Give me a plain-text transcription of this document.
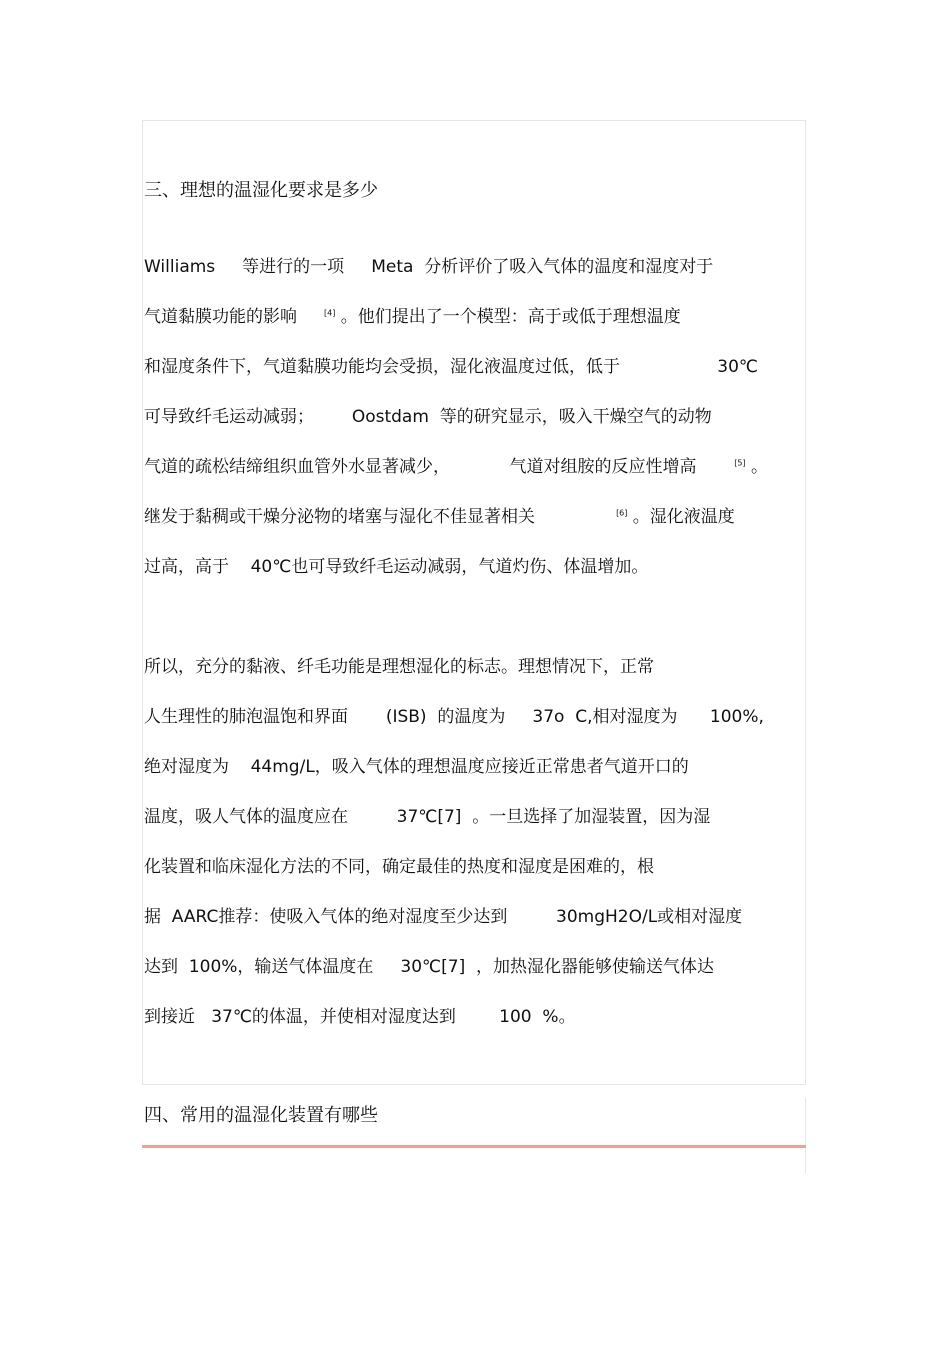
三、理想的温湿化要求是多少
Williams     等进行的一项     Meta  分析评价了吸入气体的温度和湿度对于
气道黏膜功能的影响     [4] 。他们提出了一个模型：高于或低于理想温度
和湿度条件下，气道黏膜功能均会受损，湿化液温度过低，低于                  30℃
可导致纤毛运动减弱；       Oostdam  等的研究显示，吸入干燥空气的动物
气道的疏松结缔组织血管外水显著减少，           气道对组胺的反应性增高       [5] 。
继发于黏稠或干燥分泌物的堵塞与湿化不佳显著相关               [6] 。湿化液温度
过高，高于    40℃也可导致纤毛运动减弱，气道灼伤、体温增加。
所以，充分的黏液、纤毛功能是理想湿化的标志。理想情况下，正常
人生理性的肺泡温饱和界面       (ISB)  的温度为     37o  C,相对湿度为      100%,
绝对湿度为    44mg/L，吸入气体的理想温度应接近正常患者气道开口的
温度，吸人气体的温度应在         37℃[7]  。一旦选择了加湿装置，因为湿
化装置和临床湿化方法的不同，确定最佳的热度和湿度是困难的，根
据  AARC推荐：使吸入气体的绝对湿度至少达到         30mgH2O/L或相对湿度
达到  100%，输送气体温度在     30℃[7]  ，加热湿化器能够使输送气体达
到接近   37℃的体温，并使相对湿度达到        100  %。
四、常用的温湿化装置有哪些
